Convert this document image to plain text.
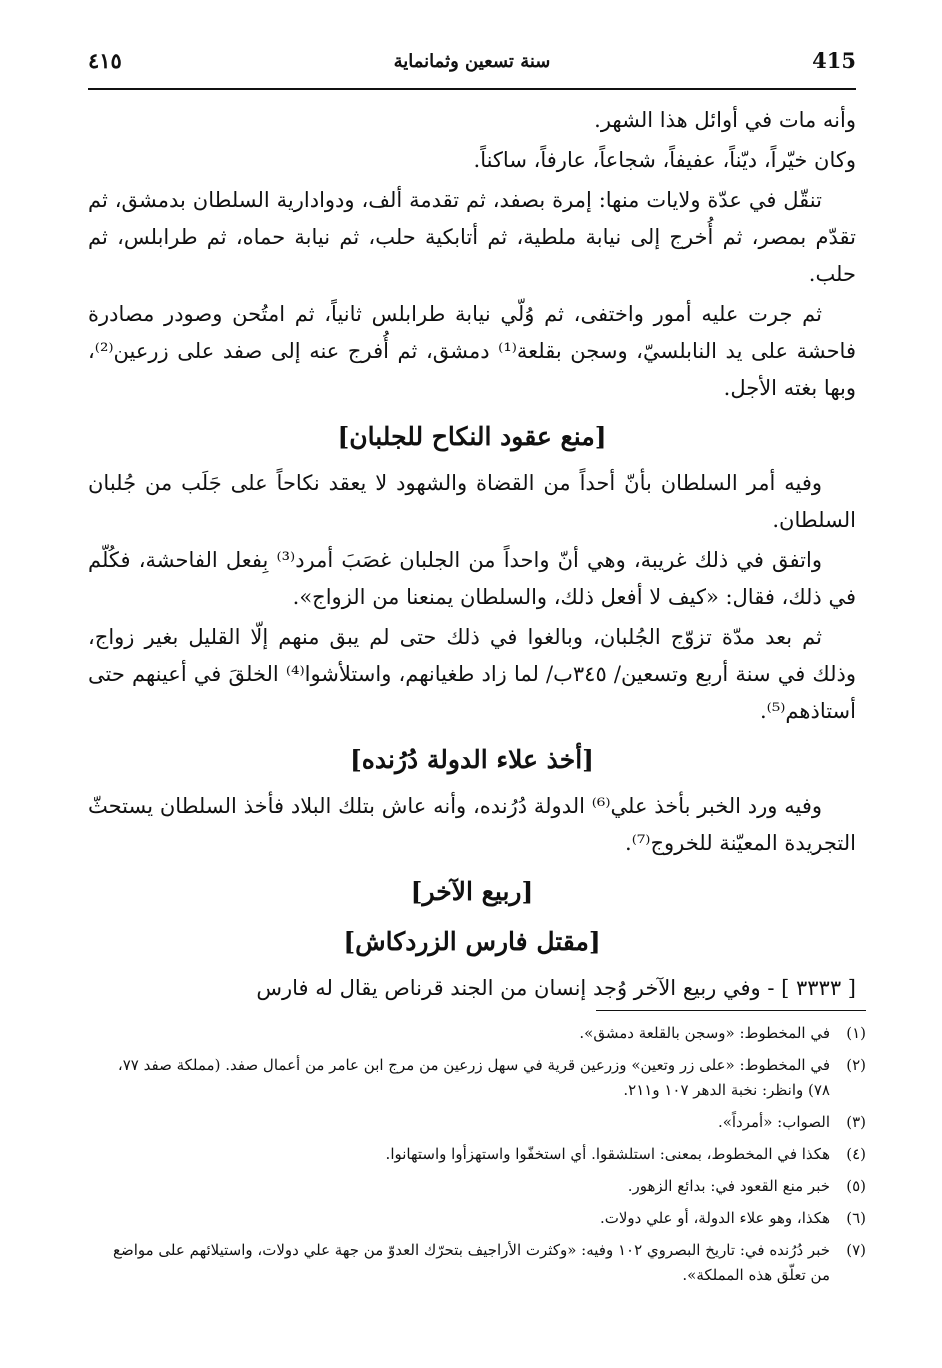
415
سنة تسعين وثمانماية
٤١٥

وأنه مات في أوائل هذا الشهر.

وكان خيّراً، ديّناً، عفيفاً، شجاعاً، عارفاً، ساكناً.

تنقّل في عدّة ولايات منها: إمرة بصفد، ثم تقدمة ألف، ودوادارية السلطان بدمشق، ثم تقدّم بمصر، ثم أُخرج إلى نيابة ملطية، ثم أتابكية حلب، ثم نيابة حماه، ثم طرابلس، ثم حلب.

ثم جرت عليه أمور واختفى، ثم وُلّي نيابة طرابلس ثانياً، ثم امتُحن وصودر مصادرة فاحشة على يد النابلسيّ، وسجن بقلعة⁽¹⁾ دمشق، ثم أُفرج عنه إلى صفد على زرعين⁽²⁾، وبها بغته الأجل.

[منع عقود النكاح للجلبان]

وفيه أمر السلطان بأنّ أحداً من القضاة والشهود لا يعقد نكاحاً على جَلَب من جُلبان السلطان.

واتفق في ذلك غريبة، وهي أنّ واحداً من الجلبان غصَبَ أمرد⁽³⁾ بِفعل الفاحشة، فكُلّم في ذلك، فقال: «كيف لا أفعل ذلك، والسلطان يمنعنا من الزواج».

ثم بعد مدّة تزوّج الجُلبان، وبالغوا في ذلك حتى لم يبق منهم إلّا القليل بغير زواج، وذلك في سنة أربع وتسعين/ ٣٤٥ب/ لما زاد طغيانهم، واستلأشوا⁽⁴⁾ الخلقَ في أعينهم حتى أستاذهم⁽⁵⁾.

[أخذ علاء الدولة دُرُنده]

وفيه ورد الخبر بأخذ علي⁽⁶⁾ الدولة دُرُنده، وأنه عاش بتلك البلاد فأخذ السلطان يستحثّ التجريدة المعيّنة للخروج⁽⁷⁾.

[ربيع الآخر]
[مقتل فارس الزردكاش]

[ ٣٣٣٣ ] - وفي ربيع الآخر وُجد إنسان من الجند قرناص يقال له فارس

(١)
في المخطوط: «وسجن بالقلعة دمشق».
(٢)
في المخطوط: «على زر وتعين» وزرعين قرية في سهل زرعين من مرج ابن عامر من أعمال صفد. (مملكة صفد ٧٧، ٧٨) وانظر: نخبة الدهر ١٠٧ و٢١١.
(٣)
الصواب: «أمرداً».
(٤)
هكذا في المخطوط، بمعنى: استلشقوا. أي استخفّوا واستهزأوا واستهانوا.
(٥)
خبر منع القعود في: بدائع الزهور.
(٦)
هكذا، وهو علاء الدولة، أو علي دولات.
(٧)
خبر دُرُنده في: تاريخ البصروي ١٠٢ وفيه: «وكثرت الأراجيف بتحرّك العدوّ من جهة علي دولات، واستيلائهم على مواضع من تعلّق هذه المملكة».
